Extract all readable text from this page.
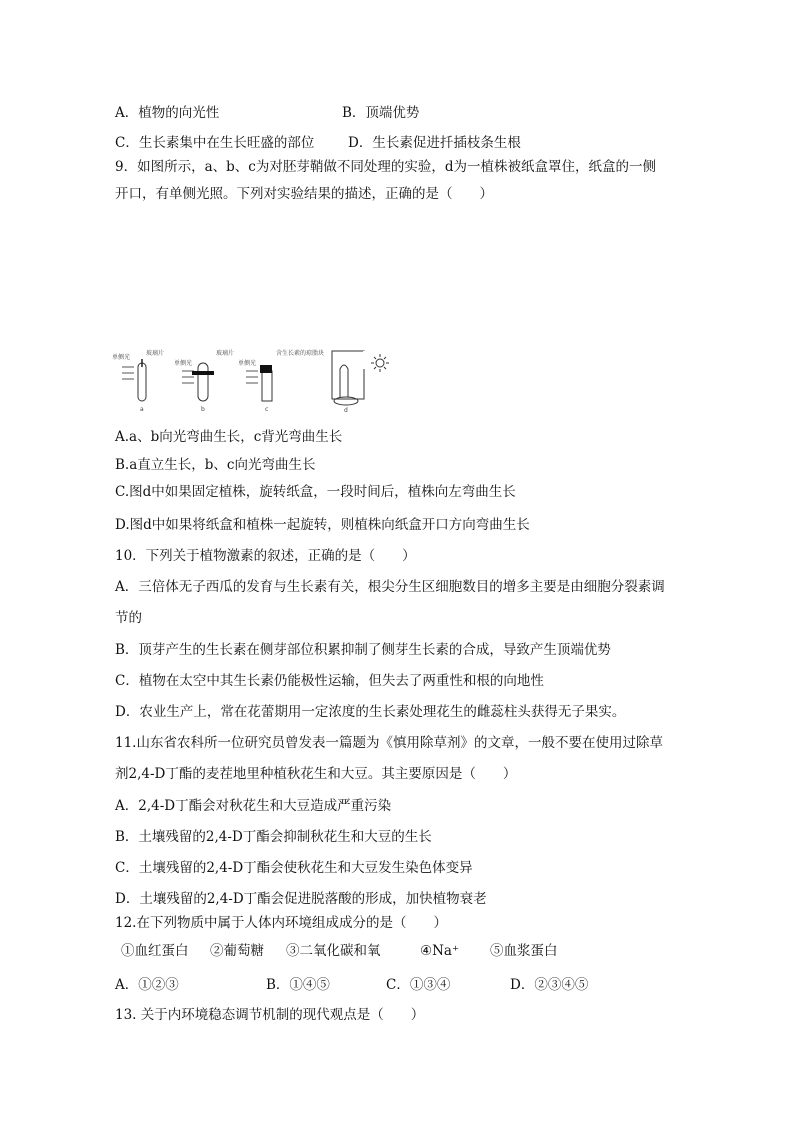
A．植物的向光性	B．顶端优势
C．生长素集中在生长旺盛的部位 D．生长素促进扦插枝条生根
9．如图所示，a、b、c为对胚芽鞘做不同处理的实验，d为一植株被纸盒罩住，纸盒的一侧
开口，有单侧光照。下列对实验结果的描述，正确的是（　　）
单侧光
玻璃片
a
单侧光
玻璃片
b
单侧光
含生长素的琼脂块
c	d
A.a、b向光弯曲生长，c背光弯曲生长
B.a直立生长，b、c向光弯曲生长
C.图d中如果固定植株，旋转纸盒，一段时间后，植株向左弯曲生长
D.图d中如果将纸盒和植株一起旋转，则植株向纸盒开口方向弯曲生长
10．下列关于植物激素的叙述，正确的是（　　）
A．三倍体无子西瓜的发育与生长素有关，根尖分生区细胞数目的增多主要是由细胞分裂素调
节的
B．顶芽产生的生长素在侧芽部位积累抑制了侧芽生长素的合成，导致产生顶端优势
C．植物在太空中其生长素仍能极性运输，但失去了两重性和根的向地性
D．农业生产上，常在花蕾期用一定浓度的生长素处理花生的雌蕊柱头获得无子果实。
11.山东省农科所一位研究员曾发表一篇题为《慎用除草剂》的文章，一般不要在使用过除草
剂2,4-D丁酯的麦茬地里种植秋花生和大豆。其主要原因是（　　）
A．2,4-D丁酯会对秋花生和大豆造成严重污染
B．土壤残留的2,4-D丁酯会抑制秋花生和大豆的生长
C．土壤残留的2,4-D丁酯会使秋花生和大豆发生染色体变异
D．土壤残留的2,4-D丁酯会促进脱落酸的形成，加快植物衰老
12.在下列物质中属于人体内环境组成成分的是（　　）
①血红蛋白 ②葡萄糖 ③二氧化碳和氧	④Na⁺ ⑤血浆蛋白
A．①②③	B．①④⑤	C．①③④	D．②③④⑤
13. 关于内环境稳态调节机制的现代观点是（　　）
